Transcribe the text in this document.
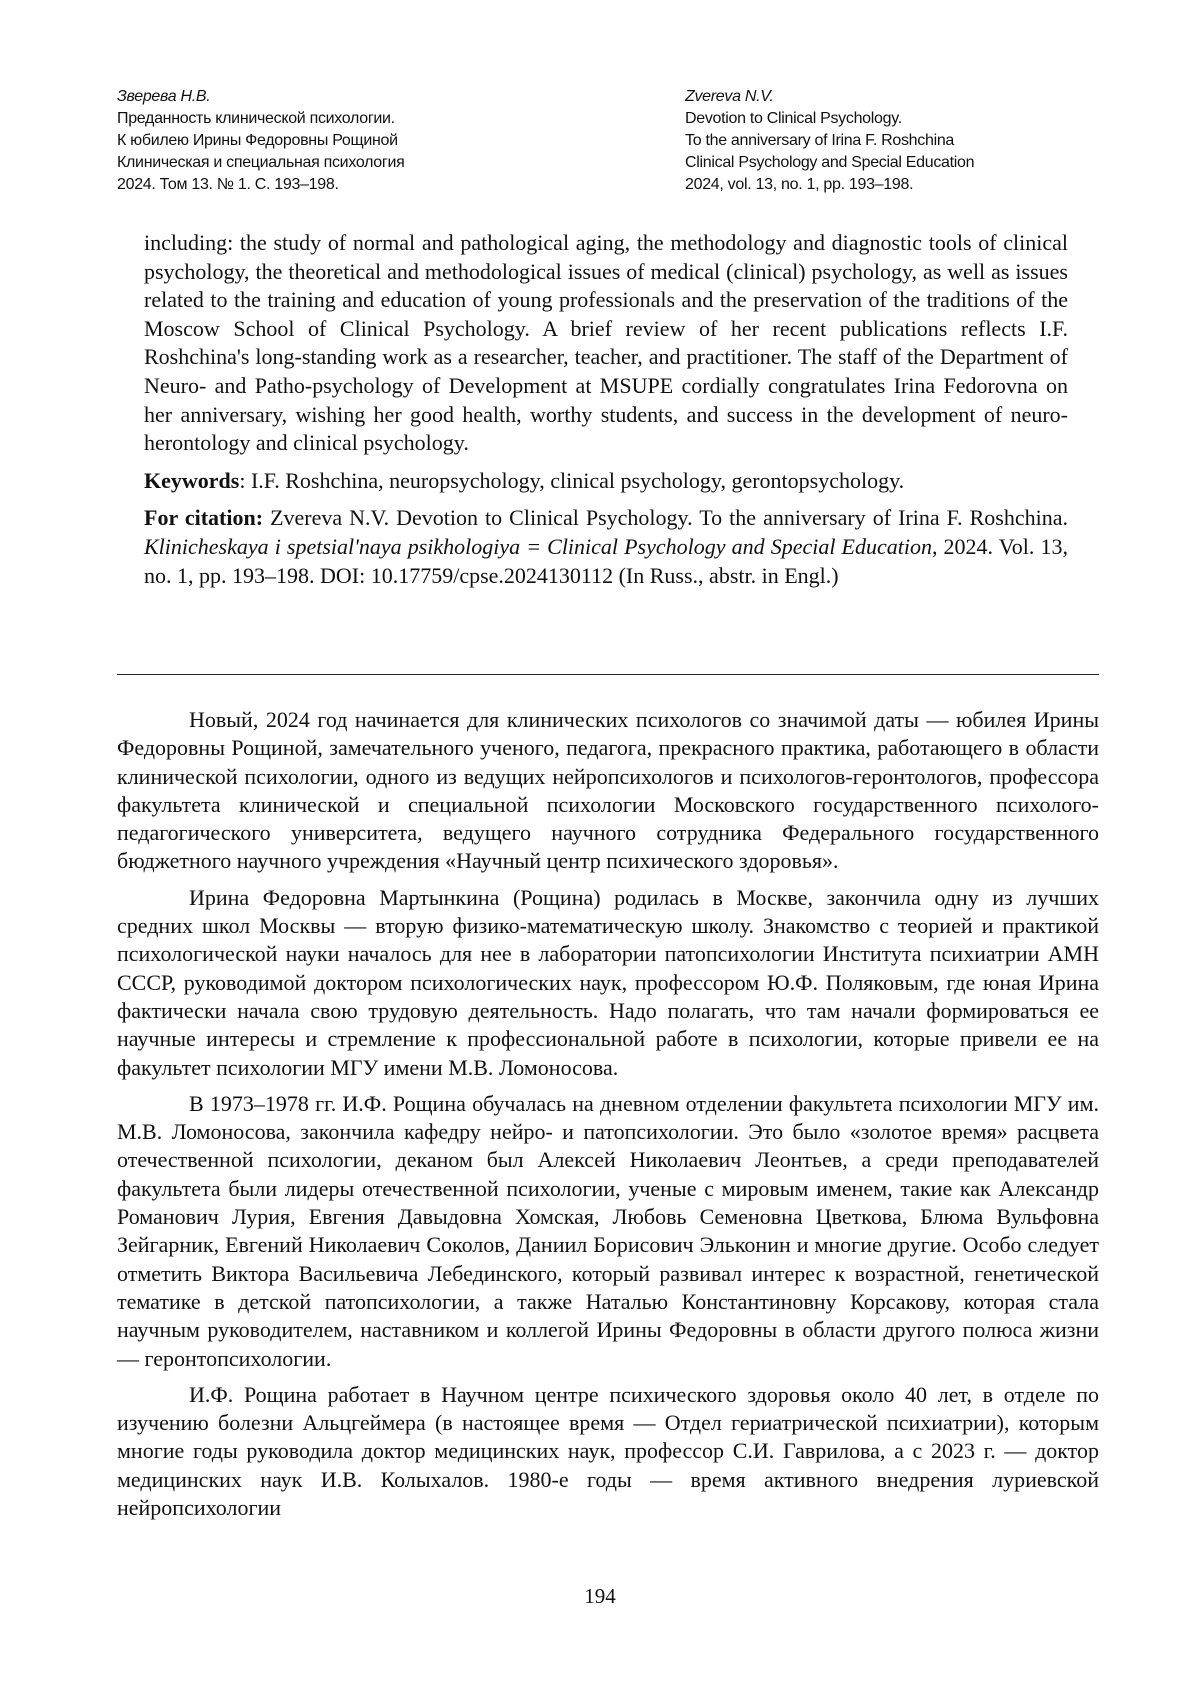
Зверева Н.В.
Преданность клинической психологии.
К юбилею Ирины Федоровны Рощиной
Клиническая и специальная психология
2024. Том 13. № 1. С. 193–198.
Zvereva N.V.
Devotion to Clinical Psychology.
To the anniversary of Irina F. Roshchina
Clinical Psychology and Special Education
2024, vol. 13, no. 1, pp. 193–198.

including: the study of normal and pathological aging, the methodology and diagnostic tools of clinical psychology, the theoretical and methodological issues of medical (clinical) psychology, as well as issues related to the training and education of young professionals and the preservation of the traditions of the Moscow School of Clinical Psychology. A brief review of her recent publications reflects I.F. Roshchina's long-standing work as a researcher, teacher, and practitioner. The staff of the Department of Neuro- and Patho-psychology of Development at MSUPE cordially congratulates Irina Fedorovna on her anniversary, wishing her good health, worthy students, and success in the development of neuro-herontology and clinical psychology.

Keywords: I.F. Roshchina, neuropsychology, clinical psychology, gerontopsychology.

For citation: Zvereva N.V. Devotion to Clinical Psychology. To the anniversary of Irina F. Roshchina. Klinicheskaya i spetsial'naya psikhologiya = Clinical Psychology and Special Education, 2024. Vol. 13, no. 1, pp. 193–198. DOI: 10.17759/cpse.2024130112 (In Russ., abstr. in Engl.)

Новый, 2024 год начинается для клинических психологов со значимой даты — юбилея Ирины Федоровны Рощиной, замечательного ученого, педагога, прекрасного практика, работающего в области клинической психологии, одного из ведущих нейропсихологов и психологов-геронтологов, профессора факультета клинической и специальной психологии Московского государственного психолого-педагогического университета, ведущего научного сотрудника Федерального государственного бюджетного научного учреждения «Научный центр психического здоровья».

Ирина Федоровна Мартынкина (Рощина) родилась в Москве, закончила одну из лучших средних школ Москвы — вторую физико-математическую школу. Знакомство с теорией и практикой психологической науки началось для нее в лаборатории патопсихологии Института психиатрии АМН СССР, руководимой доктором психологических наук, профессором Ю.Ф. Поляковым, где юная Ирина фактически начала свою трудовую деятельность. Надо полагать, что там начали формироваться ее научные интересы и стремление к профессиональной работе в психологии, которые привели ее на факультет психологии МГУ имени М.В. Ломоносова.

В 1973–1978 гг. И.Ф. Рощина обучалась на дневном отделении факультета психологии МГУ им. М.В. Ломоносова, закончила кафедру нейро- и патопсихологии. Это было «золотое время» расцвета отечественной психологии, деканом был Алексей Николаевич Леонтьев, а среди преподавателей факультета были лидеры отечественной психологии, ученые с мировым именем, такие как Александр Романович Лурия, Евгения Давыдовна Хомская, Любовь Семеновна Цветкова, Блюма Вульфовна Зейгарник, Евгений Николаевич Соколов, Даниил Борисович Эльконин и многие другие. Особо следует отметить Виктора Васильевича Лебединского, который развивал интерес к возрастной, генетической тематике в детской патопсихологии, а также Наталью Константиновну Корсакову, которая стала научным руководителем, наставником и коллегой Ирины Федоровны в области другого полюса жизни — геронтопсихологии.

И.Ф. Рощина работает в Научном центре психического здоровья около 40 лет, в отделе по изучению болезни Альцгеймера (в настоящее время — Отдел гериатрической психиатрии), которым многие годы руководила доктор медицинских наук, профессор С.И. Гаврилова, а с 2023 г. — доктор медицинских наук И.В. Колыхалов. 1980-е годы — время активного внедрения луриевской нейропсихологии

194
